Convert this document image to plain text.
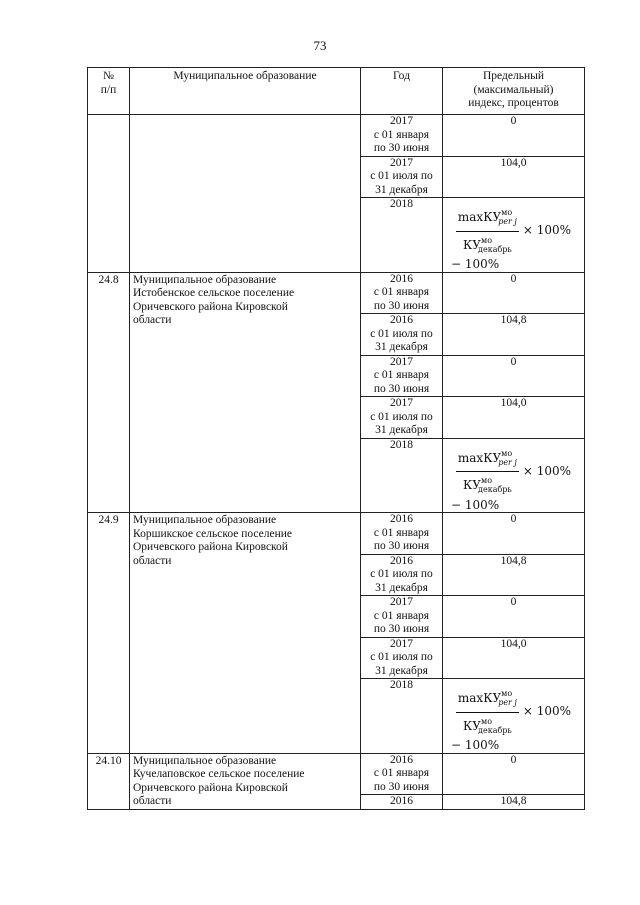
73
№
п/п	Муниципальное образование	Год	Предельный
(максимальный)
индекс, процентов
		2017
с 01 января
по 30 июня	0
		2017
с 01 июля по
31 декабря	104,0
		2018	$\frac{\max КУ^{мо}_{per j}}{КУ^{мо}_{декабрь}} \times 100\%$
− 100%

24.8	Муниципальное образование
Истобенское сельское поселение
Оричевского района Кировской
области	2016
с 01 января
по 30 июня	0
		2016
с 01 июля по
31 декабря	104,8
		2017
с 01 января
по 30 июня	0
		2017
с 01 июля по
31 декабря	104,0
		2018	$\frac{\max КУ^{мо}_{per j}}{КУ^{мо}_{декабрь}} \times 100\%$
− 100%

24.9	Муниципальное образование
Коршикское сельское поселение
Оричевского района Кировской
области	2016
с 01 января
по 30 июня	0
		2016
с 01 июля по
31 декабря	104,8
		2017
с 01 января
по 30 июня	0
		2017
с 01 июля по
31 декабря	104,0
		2018	$\frac{\max КУ^{мо}_{per j}}{КУ^{мо}_{декабрь}} \times 100\%$
− 100%

24.10	Муниципальное образование
Кучелаповское сельское поселение
Оричевского района Кировской
области	2016
с 01 января
по 30 июня	0
		2016	104,8
